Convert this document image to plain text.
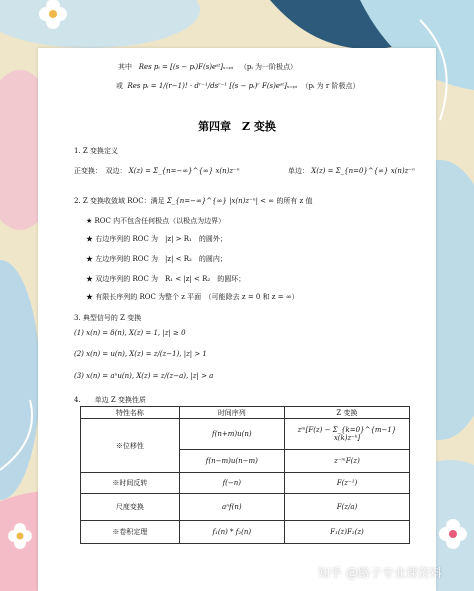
其中 Res pᵢ = [(s − pᵢ)F(s)eˢᵗ]ₛ₌ₚᵢ （pᵢ 为一阶极点）
或 Res pᵢ = 1/(r−1)! · dʳ⁻¹/dsʳ⁻¹ [(s − pᵢ)ʳ F(s)eˢᵗ]ₛ₌ₚᵢ （pᵢ 为 r 阶极点）
第四章　Z 变换
1. Z 变换定义
正变换：　双边： X(z) = Σ_{n=−∞}^{∞} x(n)z⁻ⁿ	单边： X(z) = Σ_{n=0}^{∞} x(n)z⁻ⁿ
2. Z 变换收敛域 ROC：满足 Σ_{n=−∞}^{∞} |x(n)z⁻ⁿ| < ∞ 的所有 z 值
★ ROC 内不包含任何极点（以极点为边界）
★ 右边序列的 ROC 为　|z| > R₁　的圆外；
★ 左边序列的 ROC 为　|z| < R₂　的圆内；
★ 双边序列的 ROC 为　R₁ < |z| < R₂　的圆环；
★ 有限长序列的 ROC 为整个 z 平面　（可能除去 z = 0 和 z = ∞）
3. 典型信号的 Z 变换
(1) x(n) = δ(n), X(z) = 1, |z| ≥ 0
(2) x(n) = u(n), X(z) = z/(z−1), |z| > 1
(3) x(n) = aⁿu(n), X(z) = z/(z−a), |z| > a
4.　　单边 Z 变换性质
特性名称	时间序列	Z 变换
※位移性	f(n+m)u(n)	zᵐ[F(z) − Σ_{k=0}^{m−1} x(k)z⁻ᵏ]
	f(n−m)u(n−m)	z⁻ᵐF(z)
※时间反转	f(−n)	F(z⁻¹)
尺度变换	aⁿf(n)	F(z/a)
※卷积定理	f₁(n) * f₂(n)	F₁(z)F₂(z)
知乎 @路子专业课资料
